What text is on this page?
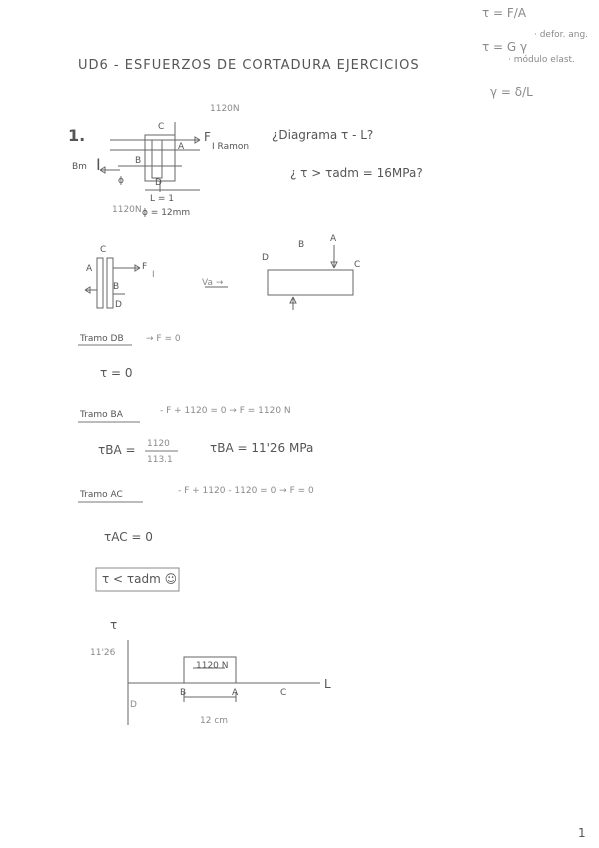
UD6 - ESFUERZOS DE CORTADURA EJERCICIOS
τ = F/A
τ = G γ
· defor. ang.
· módulo elast.
γ = δ/L
1.
1120N
C
B
A
D
F
I Ramon
Bm I
ϕ
1120N
L = 1
ϕ = 12mm
¿Diagrama τ - L?
¿ τ > τadm = 16MPa?
C
A
B
D
F
I
Va →
D
B
A
C
Tramo DB → F = 0
τ = 0
Tramo BA	- F + 1120 = 0 → F = 1120 N
τBA = 1120
113.1
τBA = 11'26 MPa
Tramo AC	- F + 1120 - 1120 = 0 → F = 0
τAC = 0
τ < τadm ☺
τ
11'26
1120 N
L
D
B	A	C
12 cm
1
